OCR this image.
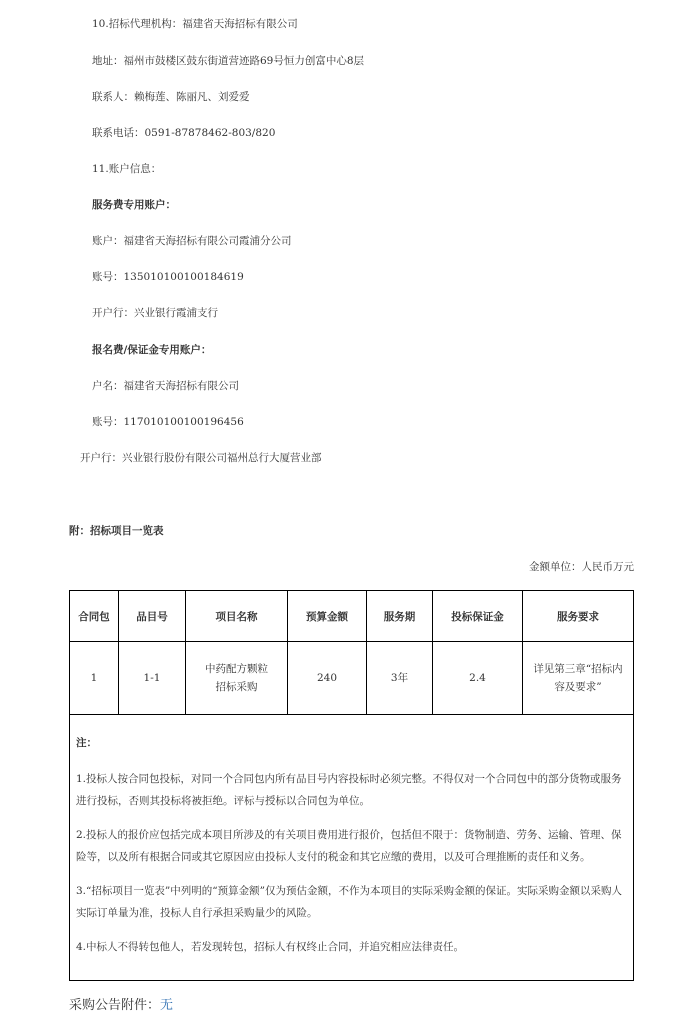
10.招标代理机构：福建省天海招标有限公司
地址：福州市鼓楼区鼓东街道营迹路69号恒力创富中心8层
联系人：赖梅莲、陈丽凡、刘爱爱
联系电话：0591-87878462-803/820
11.账户信息：
服务费专用账户：
账户：福建省天海招标有限公司霞浦分公司
账号：135010100100184619
开户行：兴业银行霞浦支行
报名费/保证金专用账户：
户名：福建省天海招标有限公司
账号：117010100100196456
开户行：兴业银行股份有限公司福州总行大厦营业部
附：招标项目一览表
金额单位：人民币万元
合同包	品目号	项目名称	预算金额	服务期	投标保证金	服务要求
1	1-1	中药配方颗粒招标采购	240	3年	2.4	详见第三章“招标内容及要求”

注：
1.投标人按合同包投标，对同一个合同包内所有品目号内容投标时必须完整。不得仅对一个合同包中的部分货物或服务进行投标，否则其投标将被拒绝。评标与授标以合同包为单位。
2.投标人的报价应包括完成本项目所涉及的有关项目费用进行报价，包括但不限于：货物制造、劳务、运输、管理、保险等，以及所有根据合同或其它原因应由投标人支付的税金和其它应缴的费用，以及可合理推断的责任和义务。
3.“招标项目一览表”中列明的“预算金额”仅为预估金额，不作为本项目的实际采购金额的保证。实际采购金额以采购人实际订单量为准，投标人自行承担采购量少的风险。
4.中标人不得转包他人，若发现转包，招标人有权终止合同，并追究相应法律责任。						
采购公告附件：无
